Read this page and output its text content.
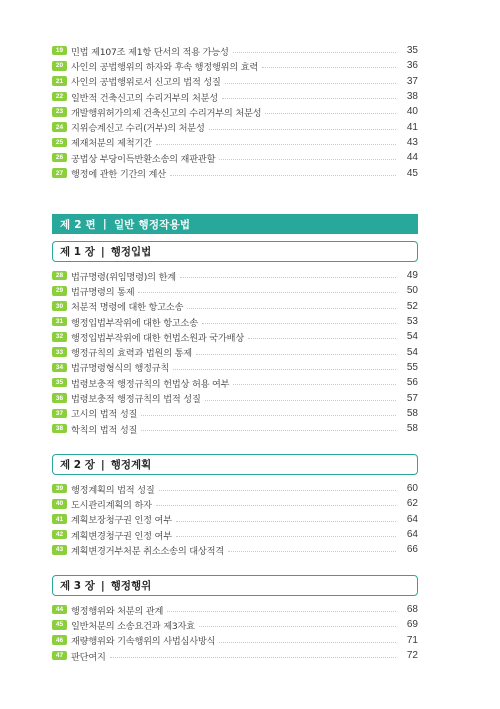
19 민법 제107조 제1항 단서의 적용 가능성	35
20 사인의 공법행위의 하자와 후속 행정행위의 효력	36
21 사인의 공법행위로서 신고의 법적 성질	37
22 일반적 건축신고의 수리거부의 처분성	38
23 개발행위허가의제 건축신고의 수리거부의 처분성	40
24 지위승계신고 수리(거부)의 처분성	41
25 제재처분의 제척기간	43
26 공법상 부당이득반환소송의 재판관할	44
27 행정에 관한 기간의 계산	45
제 2 편 | 일반 행정작용법
제 1 장 | 행정입법
28 법규명령(위임명령)의 한계	49
29 법규명령의 통제	50
30 처분적 명령에 대한 항고소송	52
31 행정입법부작위에 대한 항고소송	53
32 행정입법부작위에 대한 헌법소원과 국가배상	54
33 행정규칙의 효력과 법원의 통제	54
34 법규명령형식의 행정규칙	55
35 법령보충적 행정규칙의 헌법상 허용 여부	56
36 법령보충적 행정규칙의 법적 성질	57
37 고시의 법적 성질	58
38 학칙의 법적 성질	58
제 2 장 | 행정계획
39 행정계획의 법적 성질	60
40 도시관리계획의 하자	62
41 계획보장청구권 인정 여부	64
42 계획변경청구권 인정 여부	64
43 계획변경거부처분 취소소송의 대상적격	66
제 3 장 | 행정행위
44 행정행위와 처분의 관계	68
45 일반처분의 소송요건과 제3자효	69
46 재량행위와 기속행위의 사법심사방식	71
47 판단여지	72
